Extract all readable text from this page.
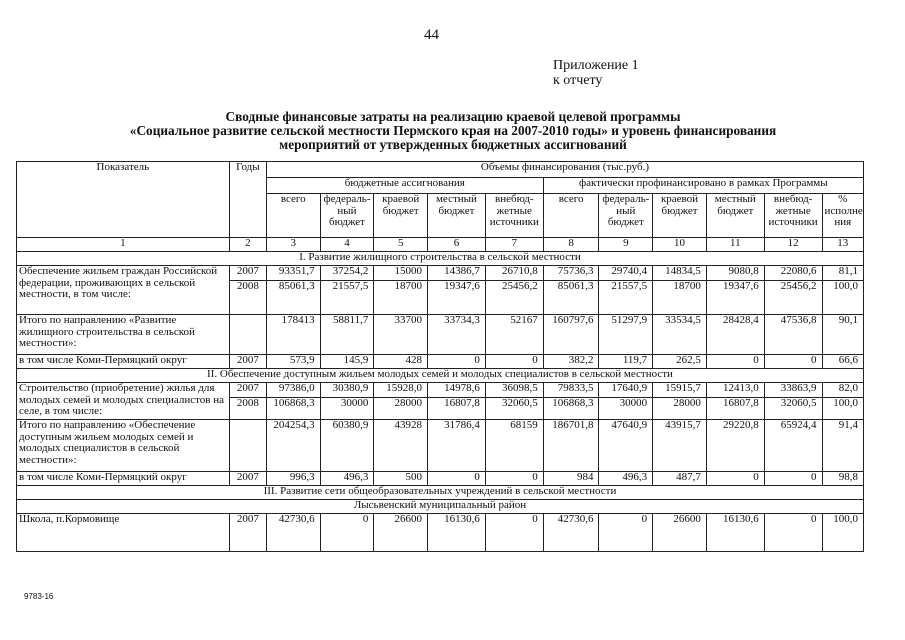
44
Приложение 1
к отчету
Сводные финансовые затраты на реализацию краевой целевой программы
«Социальное развитие сельской местности Пермского края на 2007-2010 годы» и уровень финансирования
мероприятий от утвержденных бюджетных ассигнований
Показатель	Годы	Объемы финансирования (тыс.руб.)										
		бюджетные ассигнования					фактически профинансировано в рамках Программы					
		всего	федераль-ный бюджет	краевой бюджет	местный бюджет	внебюд-жетные источники	всего	федераль-ный бюджет	краевой бюджет	местный бюджет	внебюд-жетные источники	% исполне ния
1	2	3	4	5	6	7	8	9	10	11	12	13
I. Развитие жилищного строительства в сельской местности												
Обеспечение жильем граждан Российской федерации, проживающих в сельской местности, в том числе:	2007	93351,7	37254,2	15000	14386,7	26710,8	75736,3	29740,4	14834,5	9080,8	22080,6	81,1
	2008	85061,3	21557,5	18700	19347,6	25456,2	85061,3	21557,5	18700	19347,6	25456,2	100,0
Итого по направлению «Развитие жилищного строительства в сельской местности»:		178413	58811,7	33700	33734,3	52167	160797,6	51297,9	33534,5	28428,4	47536,8	90,1
в том числе Коми-Пермяцкий округ	2007	573,9	145,9	428	0	0	382,2	119,7	262,5	0	0	66,6
II. Обеспечение доступным жильем молодых семей и молодых специалистов в сельской местности												
Строительство (приобретение) жилья для молодых семей и молодых специалистов на селе, в том числе:	2007	97386,0	30380,9	15928,0	14978,6	36098,5	79833,5	17640,9	15915,7	12413,0	33863,9	82,0
	2008	106868,3	30000	28000	16807,8	32060,5	106868,3	30000	28000	16807,8	32060,5	100,0
Итого по направлению «Обеспечение доступным жильем молодых семей и молодых специалистов в сельской местности»:		204254,3	60380,9	43928	31786,4	68159	186701,8	47640,9	43915,7	29220,8	65924,4	91,4
в том числе Коми-Пермяцкий округ	2007	996,3	496,3	500	0	0	984	496,3	487,7	0	0	98,8
III. Развитие сети общеобразовательных учреждений в сельской местности												
Лысьвенский муниципальный район												
Школа, п.Кормовище	2007	42730,6	0	26600	16130,6	0	42730,6	0	26600	16130,6	0	100,0
9783-16
